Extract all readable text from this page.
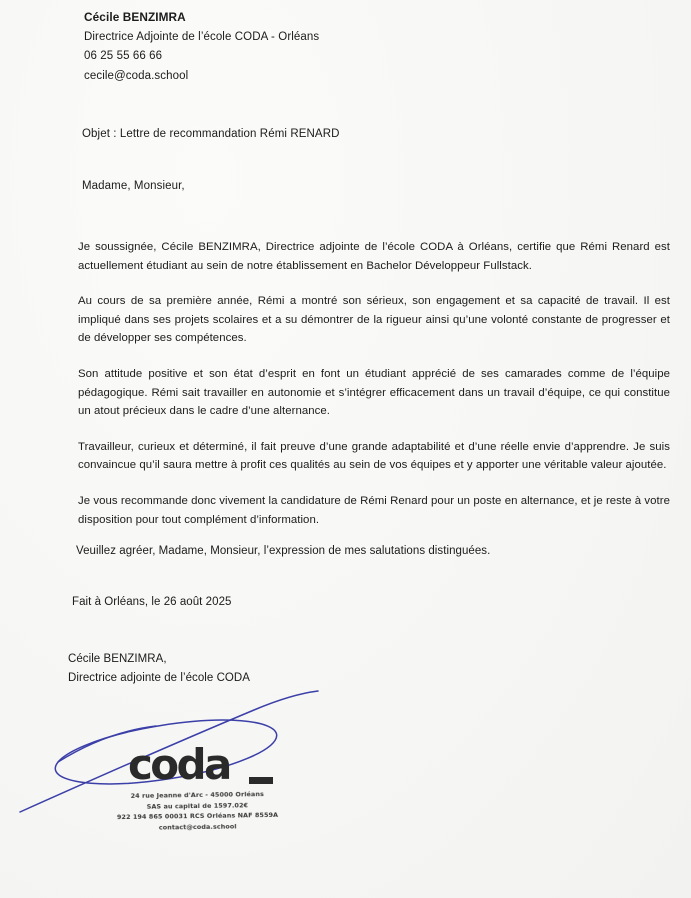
Cécile BENZIMRA
Directrice Adjointe de l’école CODA - Orléans
06 25 55 66 66
cecile@coda.school
Objet : Lettre de recommandation Rémi RENARD
Madame, Monsieur,

Je soussignée, Cécile BENZIMRA, Directrice adjointe de l’école CODA à Orléans, certifie que Rémi Renard est actuellement étudiant au sein de notre établissement en Bachelor Développeur Fullstack.

Au cours de sa première année, Rémi a montré son sérieux, son engagement et sa capacité de travail. Il est impliqué dans ses projets scolaires et a su démontrer de la rigueur ainsi qu’une volonté constante de progresser et de développer ses compétences.

Son attitude positive et son état d’esprit en font un étudiant apprécié de ses camarades comme de l’équipe pédagogique. Rémi sait travailler en autonomie et s’intégrer efficacement dans un travail d’équipe, ce qui constitue un atout précieux dans le cadre d’une alternance.

Travailleur, curieux et déterminé, il fait preuve d’une grande adaptabilité et d’une réelle envie d’apprendre. Je suis convaincue qu’il saura mettre à profit ces qualités au sein de vos équipes et y apporter une véritable valeur ajoutée.

Je vous recommande donc vivement la candidature de Rémi Renard pour un poste en alternance, et je reste à votre disposition pour tout complément d’information.

Veuillez agréer, Madame, Monsieur, l’expression de mes salutations distinguées.
Fait à Orléans, le 26 août 2025
Cécile BENZIMRA,
Directrice adjointe de l’école CODA
coda
24 rue Jeanne d'Arc - 45000 Orléans
SAS au capital de 1597.02€
922 194 865 00031 RCS Orléans NAF 8559A
contact@coda.school
